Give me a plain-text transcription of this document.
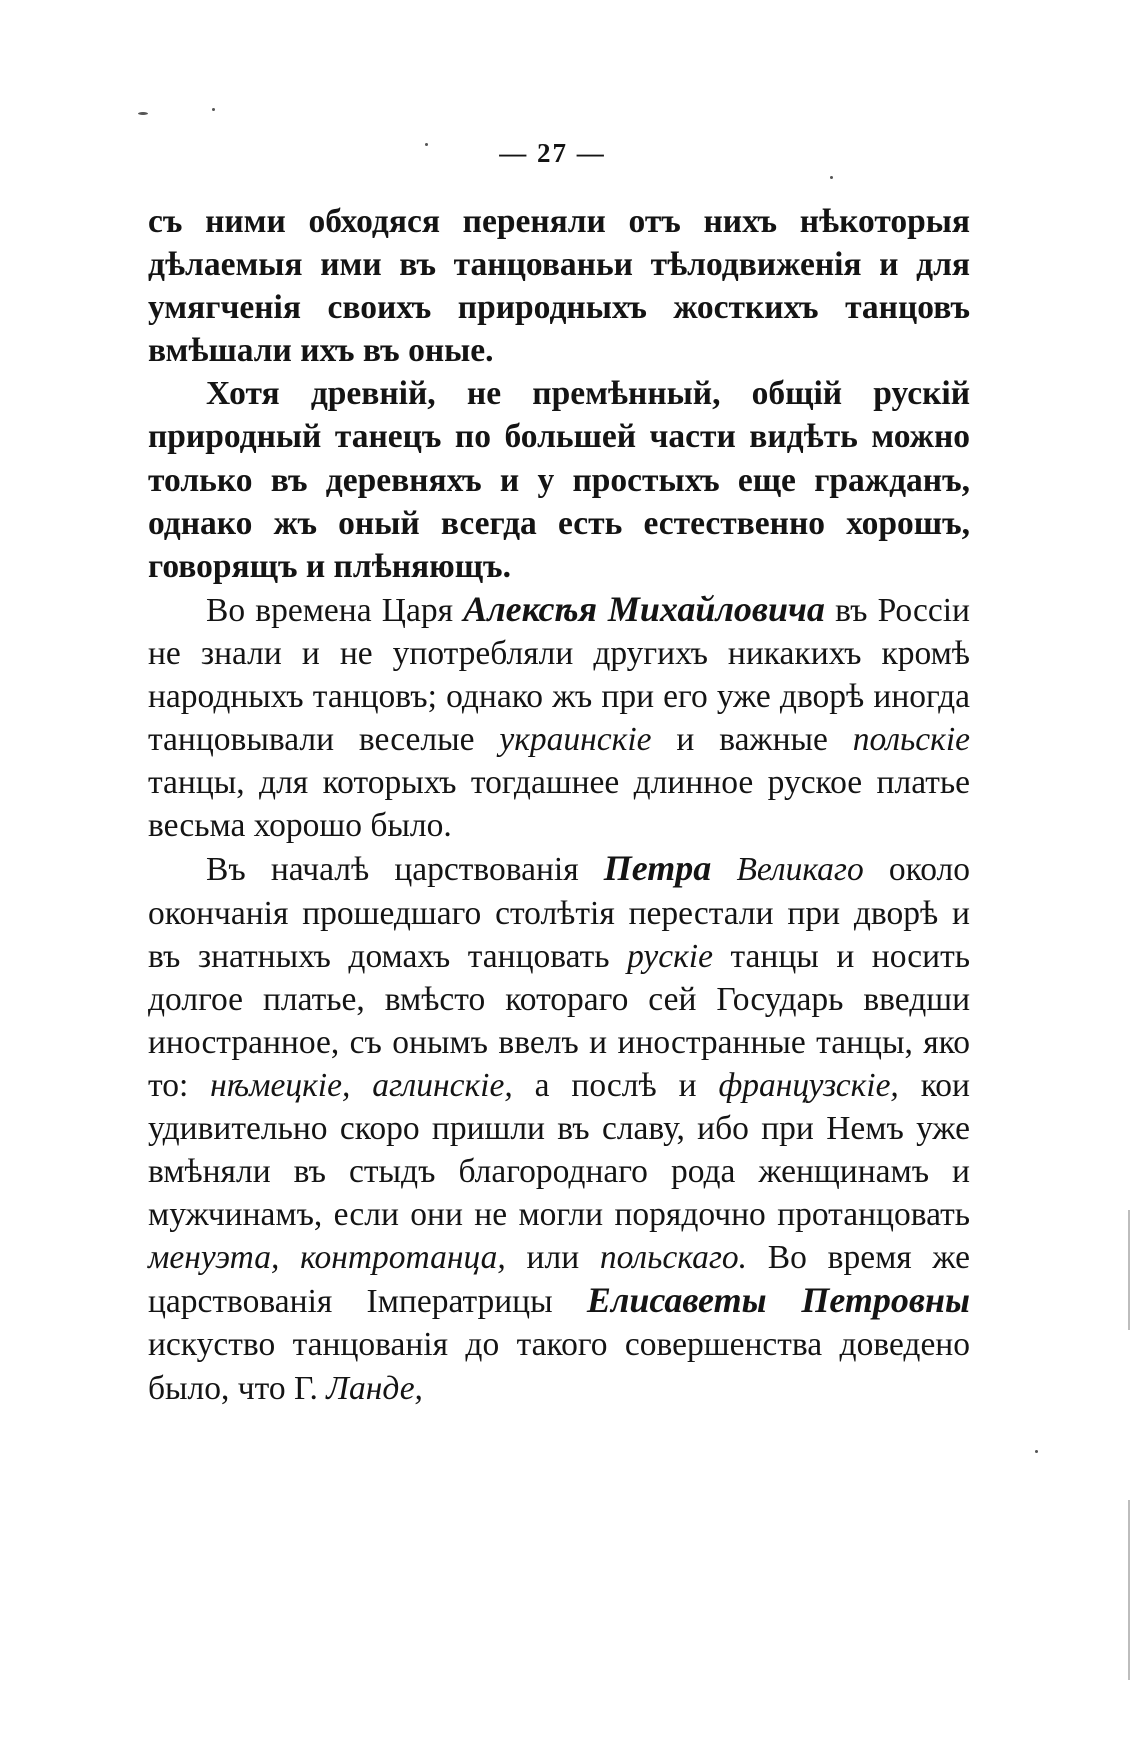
— 27 —

съ ними обходяся переняли отъ нихъ нѣкоторыя дѣлаемыя ими въ танцованьи тѣлодвиженія и для умягченія своихъ природныхъ жосткихъ танцовъ вмѣшали ихъ въ оные.

Хотя древній, не премѣнный, общій рускій природный танецъ по большей части видѣть можно только въ деревняхъ и у простыхъ еще гражданъ, однако жъ оный всегда есть естественно хорошъ, говорящъ и плѣняющъ.

Во времена Царя Алексѣя Михайловича въ Россіи не знали и не употребляли другихъ никакихъ кромѣ народныхъ танцовъ; однако жъ при его уже дворѣ иногда танцовывали веселые украинскіе и важные польскіе танцы, для которыхъ тогдашнее длинное руское платье весьма хорошо было.

Въ началѣ царствованія Петра Великаго около окончанія прошедшаго столѣтія перестали при дворѣ и въ знатныхъ домахъ танцовать рускіе танцы и носить долгое платье, вмѣсто котораго сей Государь введши иностранное, съ онымъ ввелъ и иностранные танцы, яко то: нѣмецкіе, аглинскіе, а послѣ и французскіе, кои удивительно скоро пришли въ славу, ибо при Немъ уже вмѣняли въ стыдъ благороднаго рода женщинамъ и мужчинамъ, если они не могли порядочно протанцовать менуэта, контротанца, или польскаго. Во время же царствованія Імператрицы Елисаветы Петровны искуство танцованія до такого совершенства доведено было, что Г. Ланде,
